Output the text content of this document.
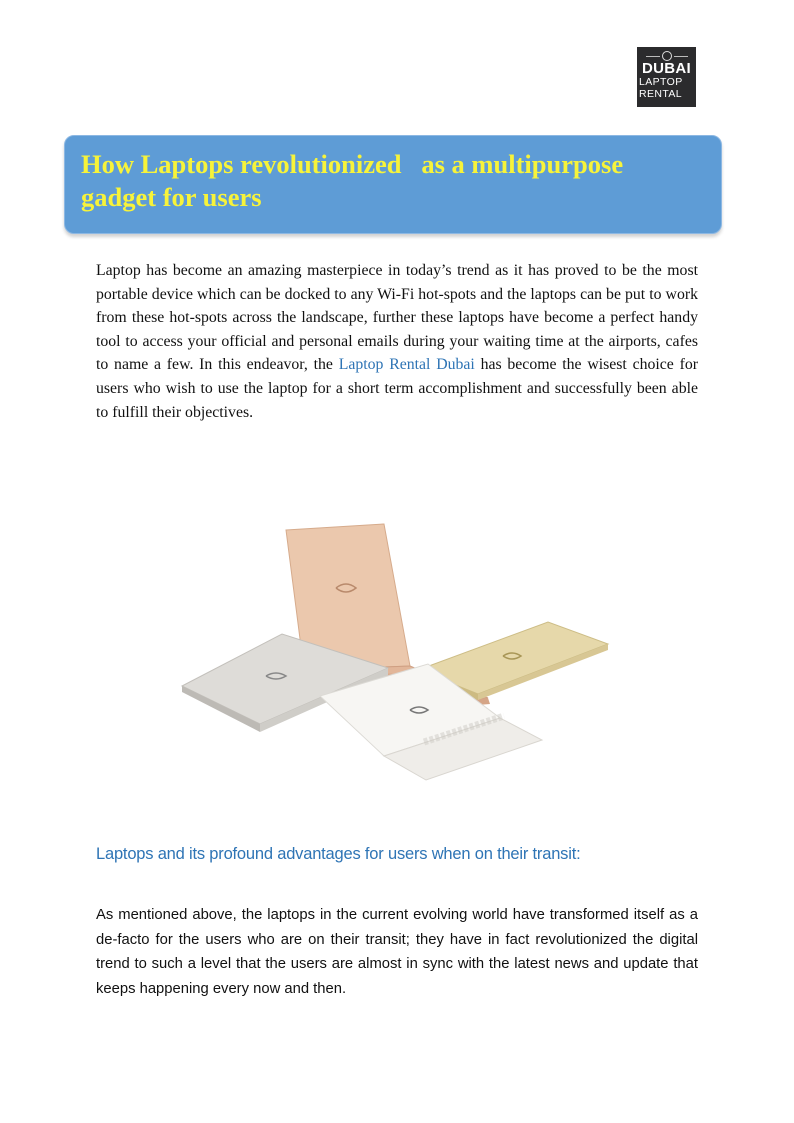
DUBAI
LAPTOP
RENTAL
How Laptops revolutionized   as a multipurpose
gadget for users

Laptop has become an amazing masterpiece in today’s trend as it has proved to be the most portable device which can be docked to any Wi-Fi hot-spots and the laptops can be put to work from these hot-spots across the landscape, further these laptops have become a perfect handy tool to access your official and personal emails during your waiting time at the airports, cafes to name a few. In this endeavor, the Laptop Rental Dubai has become the wisest choice for users who wish to use the laptop for a short term accomplishment and successfully been able to fulfill their objectives.

Laptops and its profound advantages for users when on their transit:

As mentioned above, the laptops in the current evolving world have transformed itself as a de-facto for the users who are on their transit; they have in fact revolutionized the digital trend to such a level that the users are almost in sync with the latest news and update that keeps happening every now and then.
